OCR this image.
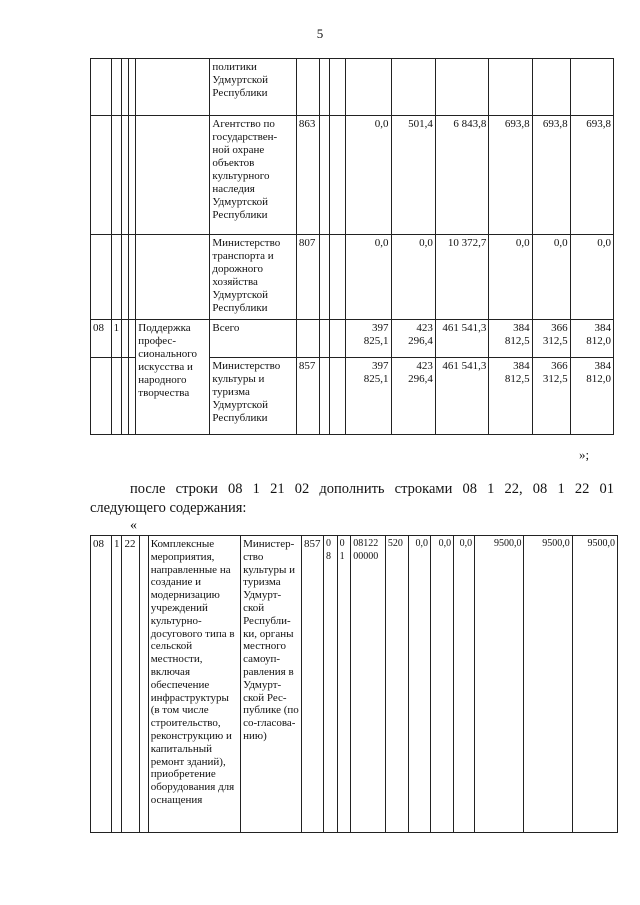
5
					политики Удмуртской Республики									
					Агентство по государствен-ной охране объектов культурного наследия Удмуртской Республики	863			0,0	501,4	6 843,8	693,8	693,8	693,8
					Министерство транспорта и дорожного хозяйства Удмуртской Республики	807			0,0	0,0	10 372,7	0,0	0,0	0,0
08	1			Поддержка профес-сионального искусства и народного творчества	Всего				397 825,1	423 296,4	461 541,3	384 812,5	366 312,5	384 812,0
					Министерство культуры и туризма Удмуртской Республики	857			397 825,1	423 296,4	461 541,3	384 812,5	366 312,5	384 812,0
»;
после строки 08 1 21 02 дополнить строками 08 1 22, 08 1 22 01
следующего содержания:
«
08	1	22		Комплексные мероприятия, направленные на создание и модернизацию учреждений культурно-досугового типа в сельской местности, включая обеспечение инфраструктуры (в том числе строительство, реконструкцию и капитальный ремонт зданий), приобретение оборудования для оснащения	Министер-ство культуры и туризма Удмурт-ской Республи-ки, органы местного самоуп-равления в Удмурт-ской Рес-публике (по со-гласова-нию)	857	08	01	08122 00000	520	0,0	0,0	0,0	9500,0	9500,0	9500,0
